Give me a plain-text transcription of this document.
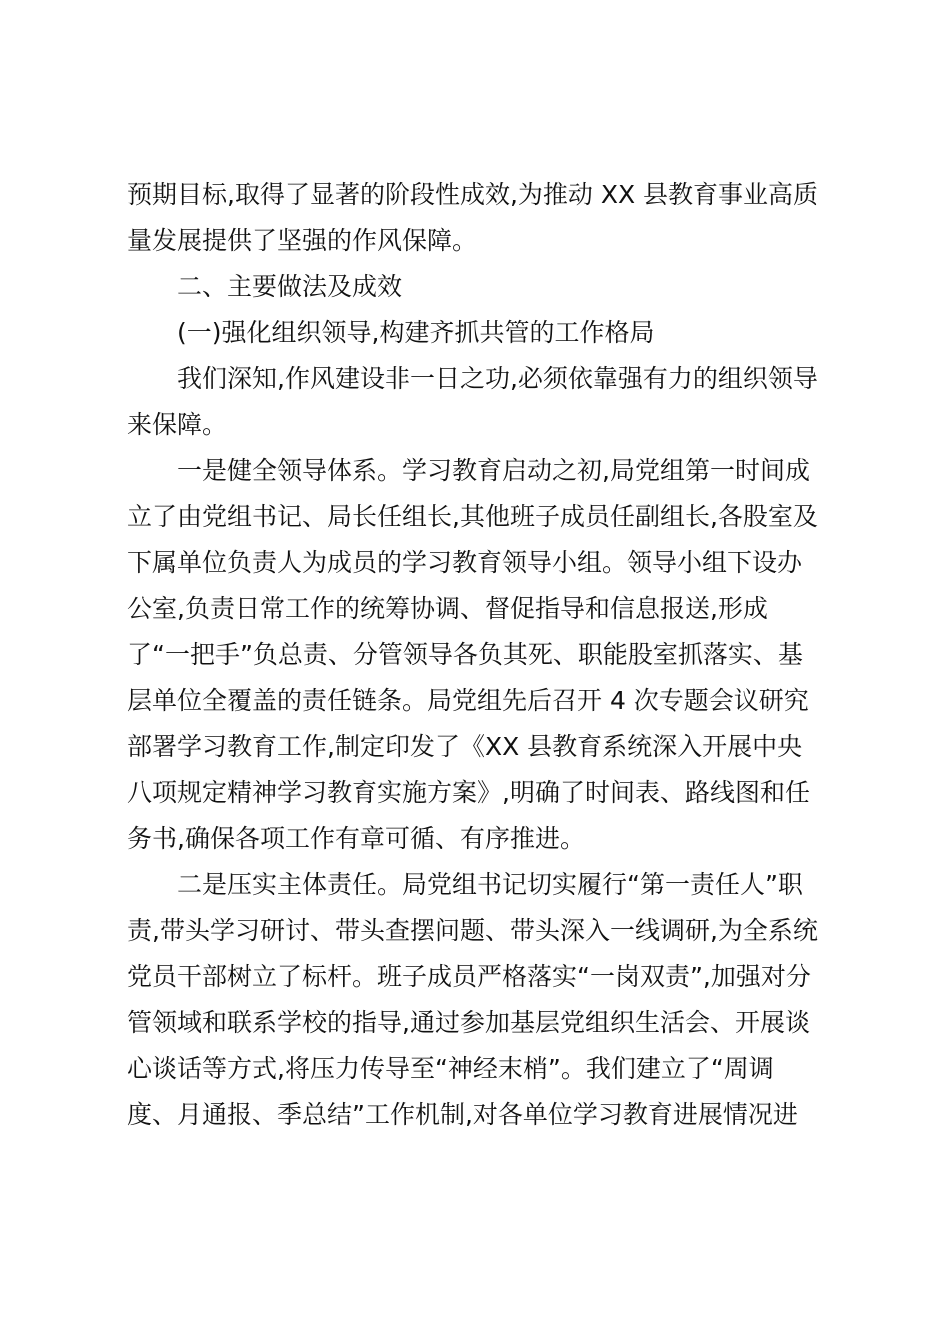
预期目标,取得了显著的阶段性成效,为推动 XX 县教育事业高质
量发展提供了坚强的作风保障。
二、主要做法及成效
(一)强化组织领导,构建齐抓共管的工作格局
我们深知,作风建设非一日之功,必须依靠强有力的组织领导
来保障。
一是健全领导体系。学习教育启动之初,局党组第一时间成
立了由党组书记、局长任组长,其他班子成员任副组长,各股室及
下属单位负责人为成员的学习教育领导小组。领导小组下设办
公室,负责日常工作的统筹协调、督促指导和信息报送,形成
了“一把手”负总责、分管领导各负其死、职能股室抓落实、基
层单位全覆盖的责任链条。局党组先后召开 4 次专题会议研究
部署学习教育工作,制定印发了《XX 县教育系统深入开展中央
八项规定精神学习教育实施方案》,明确了时间表、路线图和任
务书,确保各项工作有章可循、有序推进。
二是压实主体责任。局党组书记切实履行“第一责任人”职
责,带头学习研讨、带头查摆问题、带头深入一线调研,为全系统
党员干部树立了标杆。班子成员严格落实“一岗双责”,加强对分
管领域和联系学校的指导,通过参加基层党组织生活会、开展谈
心谈话等方式,将压力传导至“神经末梢”。我们建立了“周调
度、月通报、季总结”工作机制,对各单位学习教育进展情况进
